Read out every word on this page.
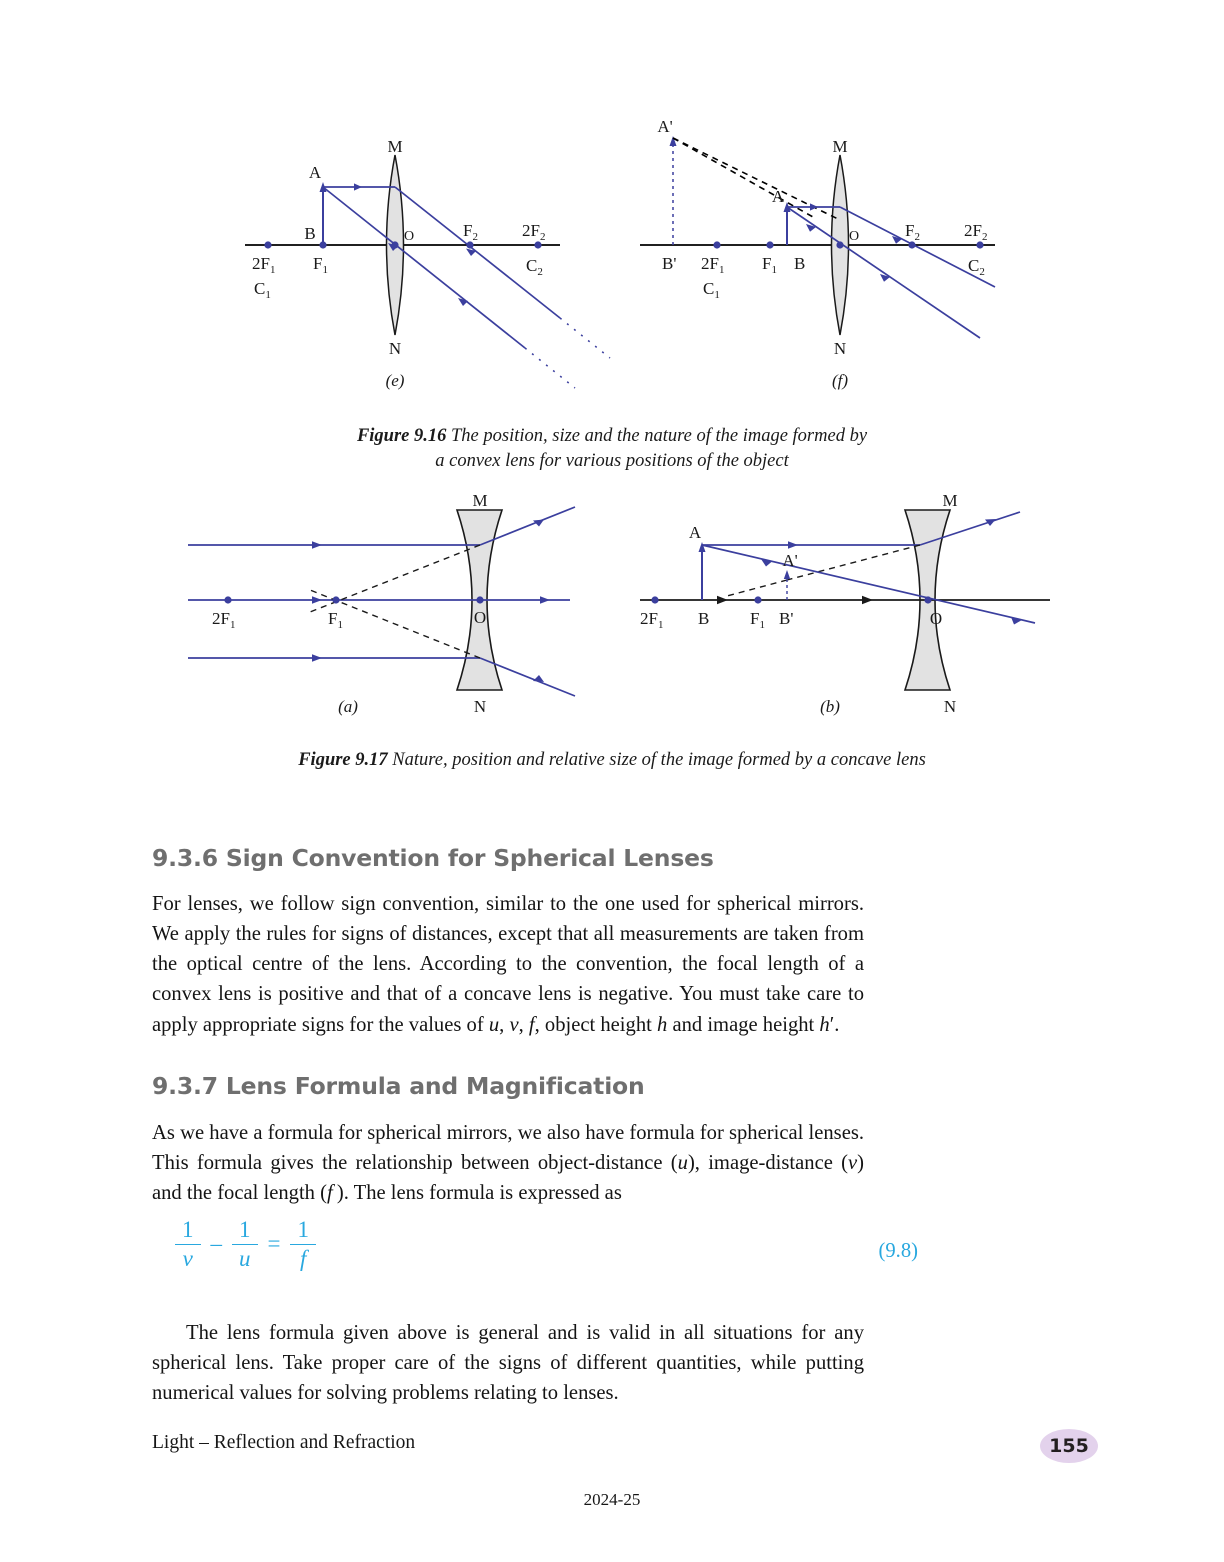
A
B
M
N
O	$F_2$	$2F_2$
$2F_1$ $F_1$
$C_1$
$C_2$
(e)
A'
A
M
N
O
B'	B
$2F_1$ $F_1$
$C_1$
$F_2$	$2F_2$
$C_2$
(f)
Figure 9.16 The position, size and the nature of the image formed by
a convex lens for various positions of the object
M
N
O
$2F_1$	$F_1$
(a)
M
N
O
A
A'
B	B'
$2F_1$	$F_1$
(b)
Figure 9.17 Nature, position and relative size of the image formed by a concave lens
9.3.6 Sign Convention for Spherical Lenses

For lenses, we follow sign convention, similar to the one used for spherical mirrors. We apply the rules for signs of distances, except that all measurements are taken from the optical centre of the lens. According to the convention, the focal length of a convex lens is positive and that of a concave lens is negative. You must take care to apply appropriate signs for the values of u, v, f, object height h and image height h′.

9.3.7 Lens Formula and Magnification

As we have a formula for spherical mirrors, we also have formula for spherical lenses. This formula gives the relationship between object-distance (u), image-distance (v) and the focal length (f ). The lens formula is expressed as

$\frac{1}{v} - \frac{1}{u} = \frac{1}{f}$	(9.8)

The lens formula given above is general and is valid in all situations for any spherical lens. Take proper care of the signs of different quantities, while putting numerical values for solving problems relating to lenses.

Light – Reflection and Refraction	155
2024-25
